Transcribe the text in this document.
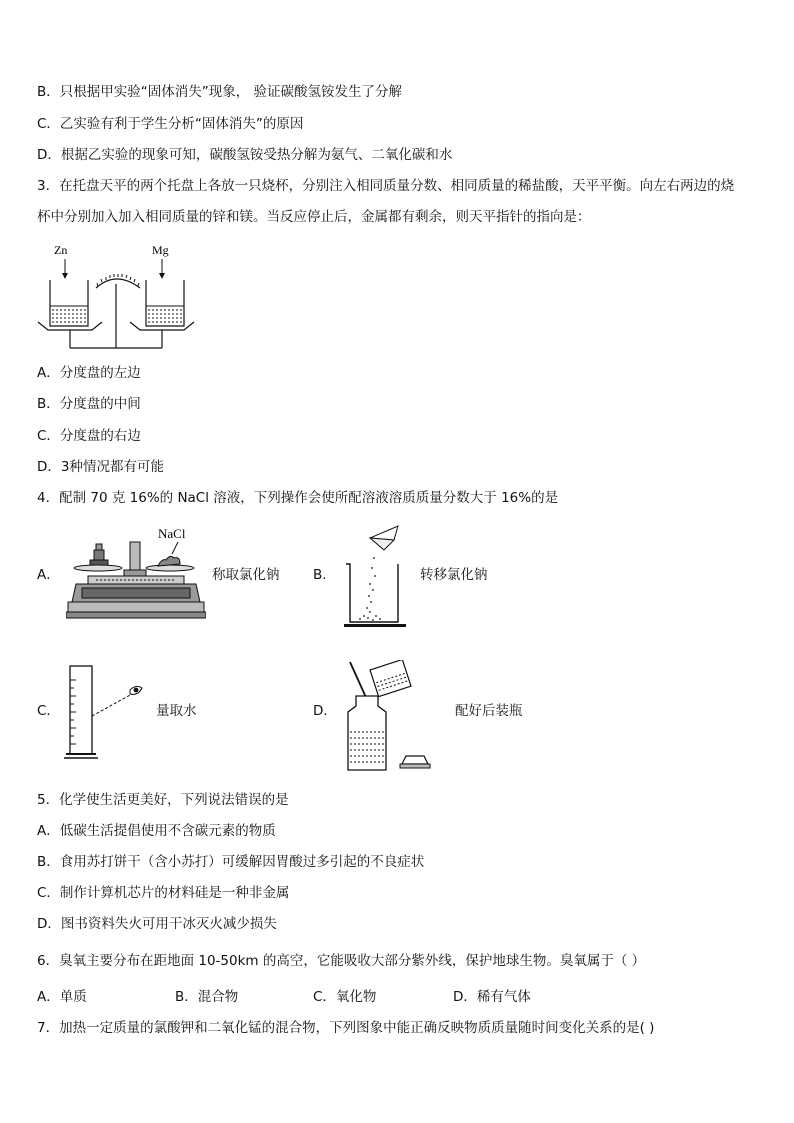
B．只根据甲实验“固体消失”现象， 验证碳酸氢铵发生了分解
C．乙实验有利于学生分析“固体消失”的原因
D．根据乙实验的现象可知，碳酸氢铵受热分解为氨气、二氧化碳和水
3．在托盘天平的两个托盘上各放一只烧杯，分别注入相同质量分数、相同质量的稀盐酸，天平平衡。向左右两边的烧
杯中分别加入加入相同质量的锌和镁。当反应停止后，金属都有剩余，则天平指针的指向是：
Zn	Mg
A．分度盘的左边
B．分度盘的中间
C．分度盘的右边
D．3种情况都有可能
4．配制 70 克 16%的 NaCl 溶液，下列操作会使所配溶液溶质质量分数大于 16%的是
A．
NaCl
称取氯化钠 B．	转移氯化钠
C．	量取水	D．	配好后装瓶
5．化学使生活更美好，下列说法错误的是
A．低碳生活提倡使用不含碳元素的物质
B．食用苏打饼干（含小苏打）可缓解因胃酸过多引起的不良症状
C．制作计算机芯片的材料硅是一种非金属
D．图书资料失火可用干冰灭火减少损失
6．臭氧主要分布在距地面 10-50km 的高空，它能吸收大部分紫外线，保护地球生物。臭氧属于（ ）
A．单质	B．混合物	C．氧化物	D．稀有气体
7．加热一定质量的氯酸钾和二氧化锰的混合物，下列图象中能正确反映物质质量随时间变化关系的是( )
